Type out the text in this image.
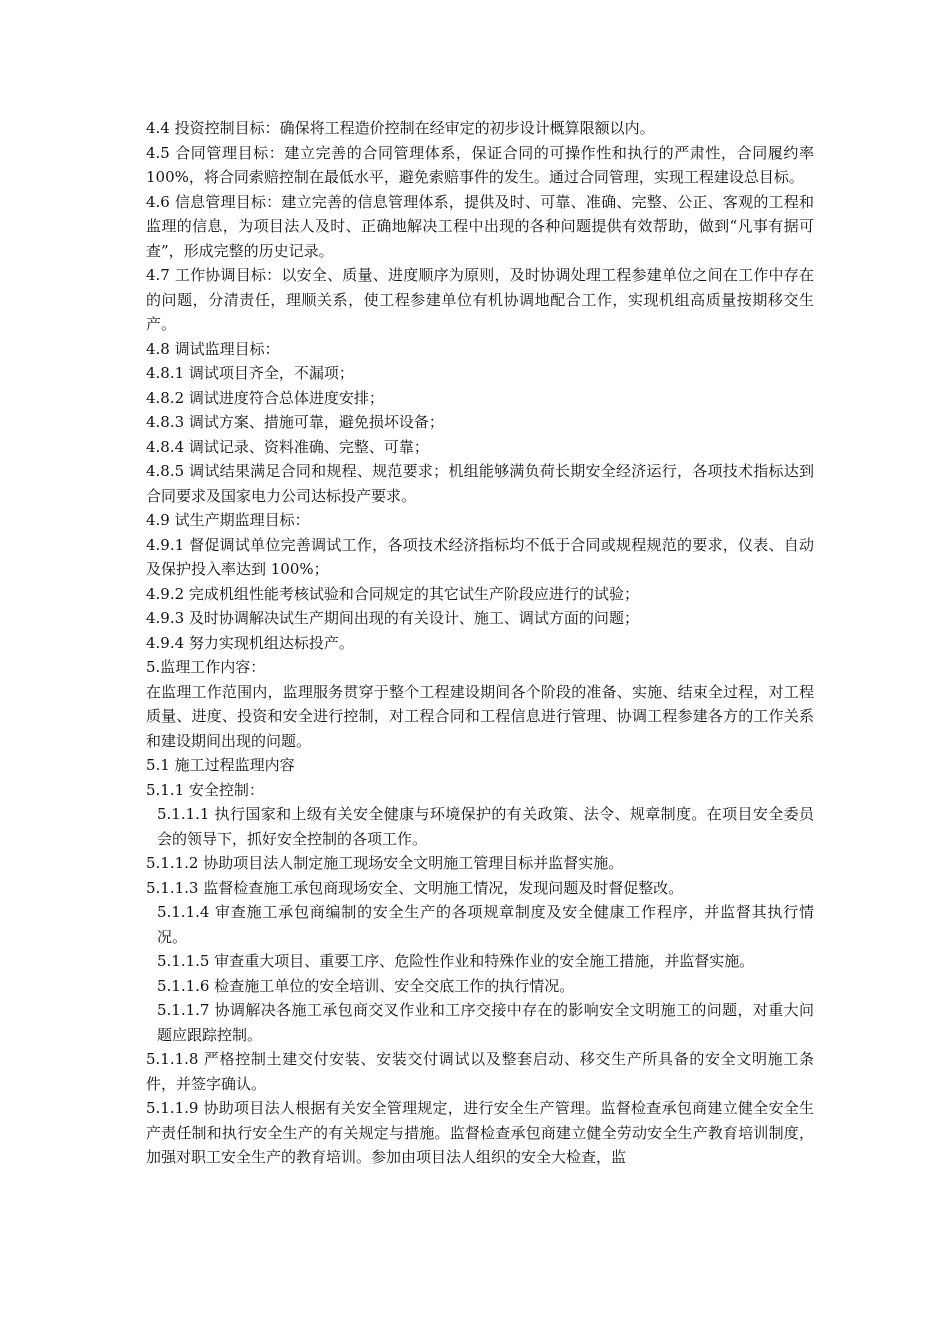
4.4 投资控制目标：确保将工程造价控制在经审定的初步设计概算限额以内。

4.5 合同管理目标：建立完善的合同管理体系，保证合同的可操作性和执行的严肃性，合同履约率 100%，将合同索赔控制在最低水平，避免索赔事件的发生。通过合同管理，实现工程建设总目标。

4.6 信息管理目标：建立完善的信息管理体系，提供及时、可靠、准确、完整、公正、客观的工程和监理的信息，为项目法人及时、正确地解决工程中出现的各种问题提供有效帮助，做到“凡事有据可查”，形成完整的历史记录。

4.7 工作协调目标：以安全、质量、进度顺序为原则，及时协调处理工程参建单位之间在工作中存在的问题，分清责任，理顺关系，使工程参建单位有机协调地配合工作，实现机组高质量按期移交生产。

4.8 调试监理目标：

4.8.1 调试项目齐全，不漏项；

4.8.2 调试进度符合总体进度安排；

4.8.3 调试方案、措施可靠，避免损坏设备；

4.8.4 调试记录、资料准确、完整、可靠；

4.8.5 调试结果满足合同和规程、规范要求；机组能够满负荷长期安全经济运行，各项技术指标达到合同要求及国家电力公司达标投产要求。

4.9 试生产期监理目标：

4.9.1 督促调试单位完善调试工作，各项技术经济指标均不低于合同或规程规范的要求，仪表、自动及保护投入率达到 100%；

4.9.2 完成机组性能考核试验和合同规定的其它试生产阶段应进行的试验；

4.9.3 及时协调解决试生产期间出现的有关设计、施工、调试方面的问题；

4.9.4 努力实现机组达标投产。

5.监理工作内容：

在监理工作范围内，监理服务贯穿于整个工程建设期间各个阶段的准备、实施、结束全过程，对工程质量、进度、投资和安全进行控制，对工程合同和工程信息进行管理、协调工程参建各方的工作关系和建设期间出现的问题。

5.1 施工过程监理内容

5.1.1 安全控制：

5.1.1.1 执行国家和上级有关安全健康与环境保护的有关政策、法令、规章制度。在项目安全委员会的领导下，抓好安全控制的各项工作。

5.1.1.2 协助项目法人制定施工现场安全文明施工管理目标并监督实施。

5.1.1.3 监督检查施工承包商现场安全、文明施工情况，发现问题及时督促整改。

5.1.1.4 审查施工承包商编制的安全生产的各项规章制度及安全健康工作程序，并监督其执行情况。

5.1.1.5 审查重大项目、重要工序、危险性作业和特殊作业的安全施工措施，并监督实施。

5.1.1.6 检查施工单位的安全培训、安全交底工作的执行情况。

5.1.1.7 协调解决各施工承包商交叉作业和工序交接中存在的影响安全文明施工的问题，对重大问题应跟踪控制。

5.1.1.8 严格控制土建交付安装、安装交付调试以及整套启动、移交生产所具备的安全文明施工条件，并签字确认。

5.1.1.9 协助项目法人根据有关安全管理规定，进行安全生产管理。监督检查承包商建立健全安全生产责任制和执行安全生产的有关规定与措施。监督检查承包商建立健全劳动安全生产教育培训制度，加强对职工安全生产的教育培训。参加由项目法人组织的安全大检查，监
